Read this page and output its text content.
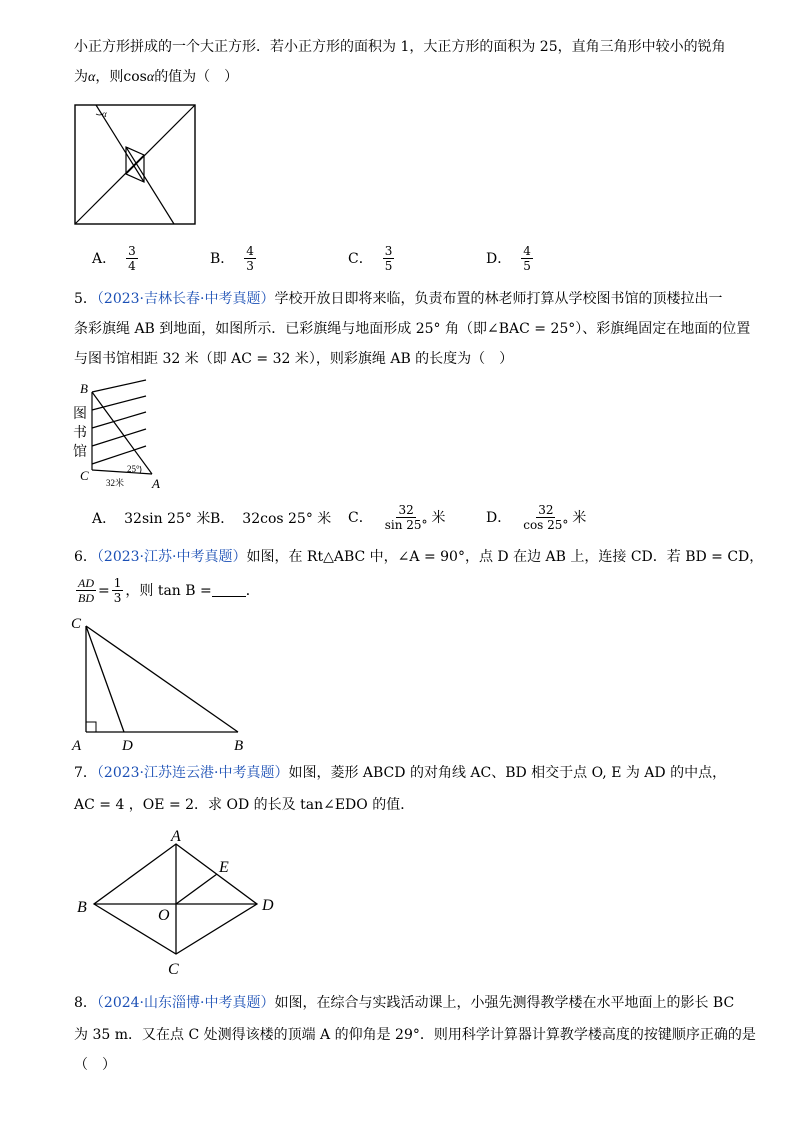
小正方形拼成的一个大正方形．若小正方形的面积为 1，大正方形的面积为 25，直角三角形中较小的锐角
为α，则cosα的值为（　）
α
A． $\frac{3}{4}$	B． $\frac{4}{3}$	C． $\frac{3}{5}$	D． $\frac{4}{5}$
5．（2023·吉林长春·中考真题）学校开放日即将来临，负责布置的林老师打算从学校图书馆的顶楼拉出一
条彩旗绳 AB 到地面，如图所示．已彩旗绳与地面形成 25° 角（即∠BAC = 25°）、彩旗绳固定在地面的位置
与图书馆相距 32 米（即 AC = 32 米），则彩旗绳 AB 的长度为（　）
B
C
A
图
书
馆
25°
32米
A． 32sin 25° 米 B． 32cos 25° 米 C． $\frac{32}{\sin 25^\circ}$ 米	D． $\frac{32}{\cos 25^\circ}$ 米
6．（2023·江苏·中考真题）如图，在 Rt△ABC 中，∠A = 90°，点 D 在边 AB 上，连接 CD．若 BD = CD，
$\frac{AD}{BD} = \frac{1}{3}$ ，则 tan B = ．
C
A	D	B
7．（2023·江苏连云港·中考真题）如图，菱形 ABCD 的对角线 AC、BD 相交于点 O, E 为 AD 的中点，
AC = 4 ，OE = 2．求 OD 的长及 tan∠EDO 的值．
A
B
C
D
E
O
8．（2024·山东淄博·中考真题）如图，在综合与实践活动课上，小强先测得教学楼在水平地面上的影长 BC
为 35 m．又在点 C 处测得该楼的顶端 A 的仰角是 29°．则用科学计算器计算教学楼高度的按键顺序正确的是
（　）
